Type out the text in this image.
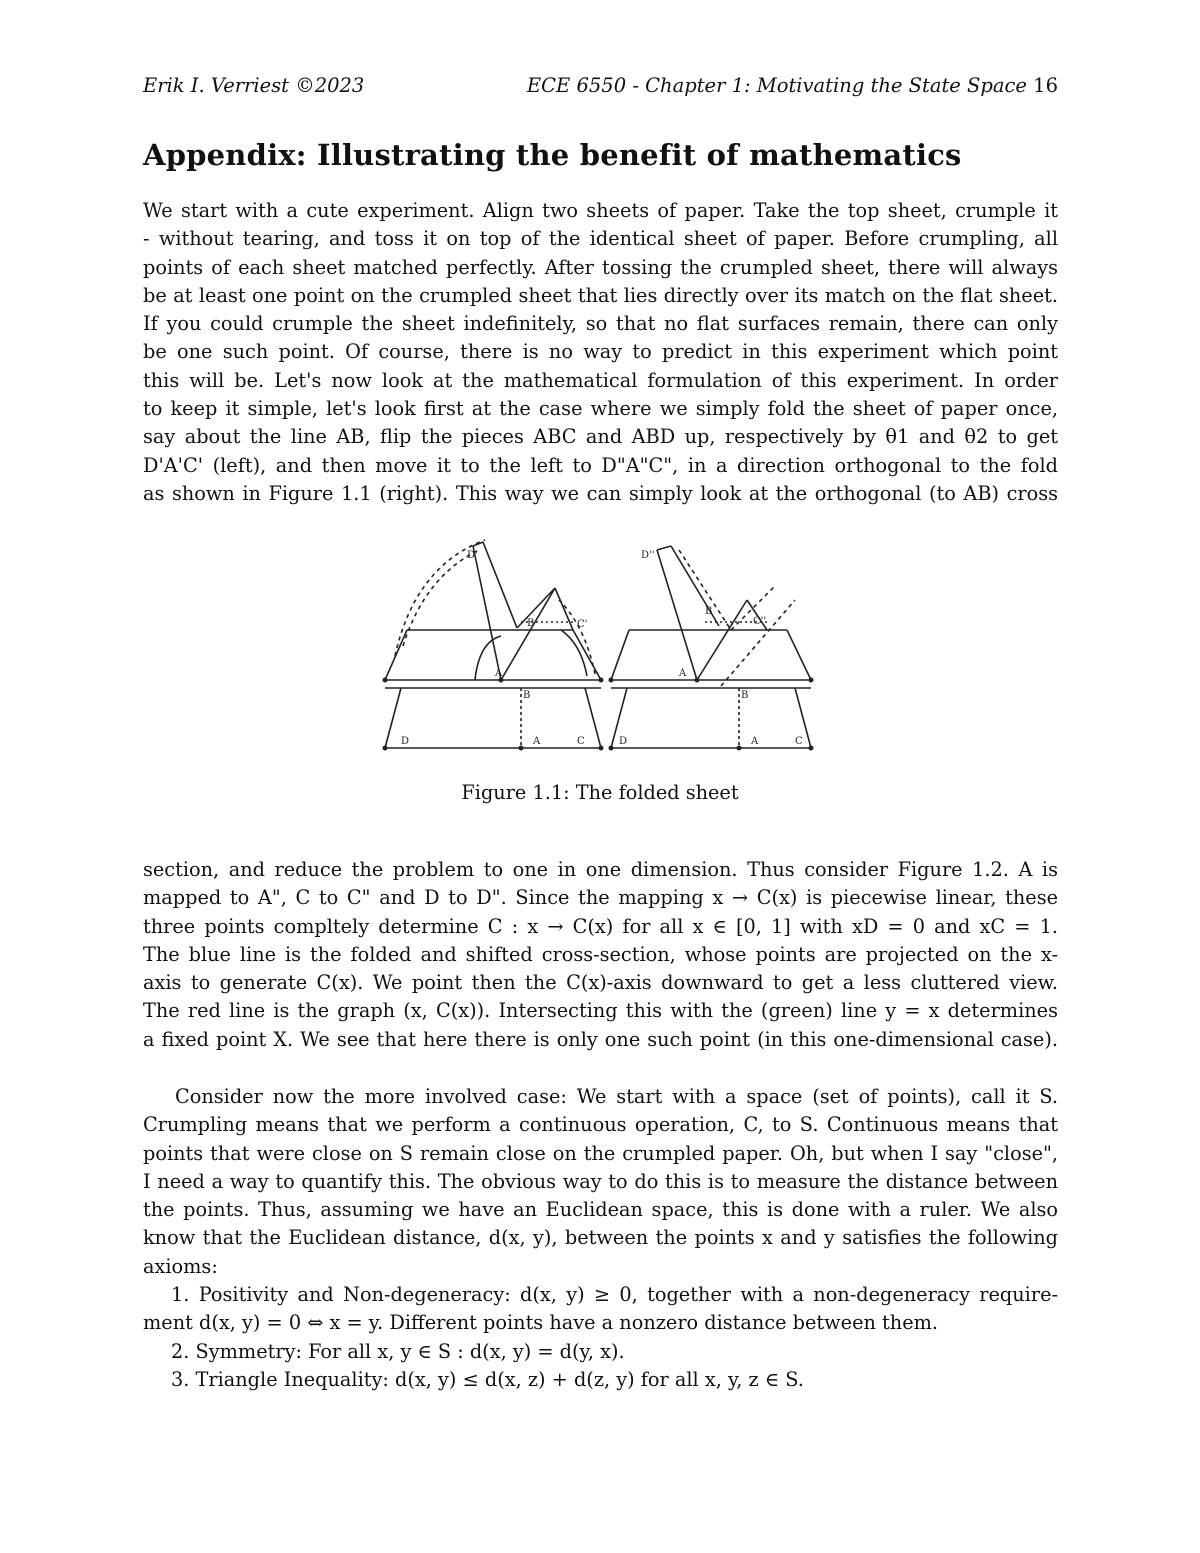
Erik I. Verriest ©2023	ECE 6550 - Chapter 1: Motivating the State Space 16
Appendix: Illustrating the benefit of mathematics
We start with a cute experiment. Align two sheets of paper. Take the top sheet, crumple it
- without tearing, and toss it on top of the identical sheet of paper. Before crumpling, all
points of each sheet matched perfectly. After tossing the crumpled sheet, there will always
be at least one point on the crumpled sheet that lies directly over its match on the flat sheet.
If you could crumple the sheet indefinitely, so that no flat surfaces remain, there can only
be one such point. Of course, there is no way to predict in this experiment which point
this will be. Let's now look at the mathematical formulation of this experiment. In order
to keep it simple, let's look first at the case where we simply fold the sheet of paper once,
say about the line AB, flip the pieces ABC and ABD up, respectively by θ1 and θ2 to get
D'A'C' (left), and then move it to the left to D"A"C", in a direction orthogonal to the fold
as shown in Figure 1.1 (right). This way we can simply look at the orthogonal (to AB) cross
D'
B	C'
A
B
D	A	C
D''
B
C''
A
B
D	A	C
Figure 1.1: The folded sheet
section, and reduce the problem to one in one dimension. Thus consider Figure 1.2. A is
mapped to A", C to C" and D to D". Since the mapping x → C(x) is piecewise linear, these
three points compltely determine C : x → C(x) for all x ∈ [0, 1] with xD = 0 and xC = 1.
The blue line is the folded and shifted cross-section, whose points are projected on the x-
axis to generate C(x). We point then the C(x)-axis downward to get a less cluttered view.
The red line is the graph (x, C(x)). Intersecting this with the (green) line y = x determines
a fixed point X. We see that here there is only one such point (in this one-dimensional case).
Consider now the more involved case: We start with a space (set of points), call it S.
Crumpling means that we perform a continuous operation, C, to S. Continuous means that
points that were close on S remain close on the crumpled paper. Oh, but when I say "close",
I need a way to quantify this. The obvious way to do this is to measure the distance between
the points. Thus, assuming we have an Euclidean space, this is done with a ruler. We also
know that the Euclidean distance, d(x, y), between the points x and y satisfies the following
axioms:
1. Positivity and Non-degeneracy: d(x, y) ≥ 0, together with a non-degeneracy require-
ment d(x, y) = 0 ⇔ x = y. Different points have a nonzero distance between them.
2. Symmetry: For all x, y ∈ S : d(x, y) = d(y, x).
3. Triangle Inequality: d(x, y) ≤ d(x, z) + d(z, y) for all x, y, z ∈ S.
